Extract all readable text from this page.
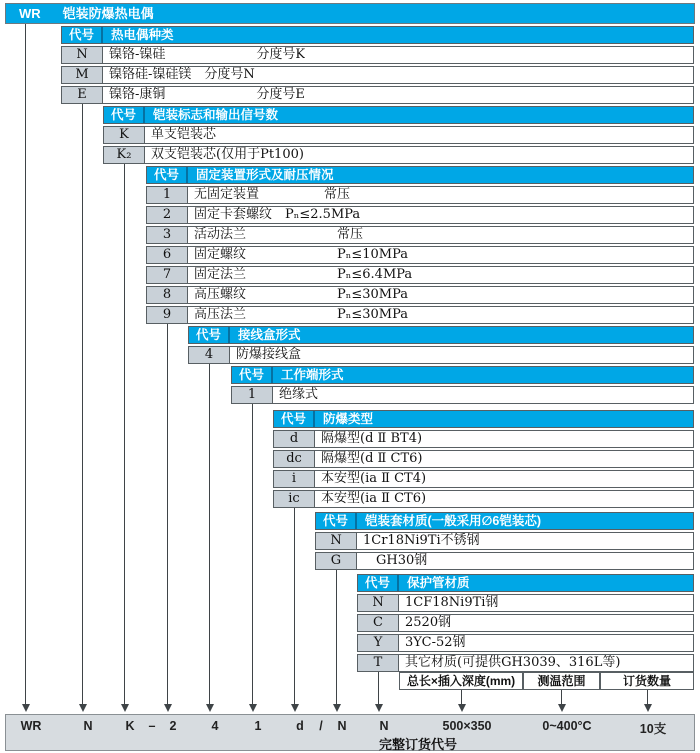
WR 铠装防爆热电偶
代号	热电偶种类
N	镍铬-镍硅　　　　　　　分度号K
M	镍铬硅-镍硅镁　分度号N
E	镍铬-康铜　　　　　　　分度号E
代号	铠装标志和输出信号数
K	单支铠装芯
K₂	双支铠装芯(仅用于Pt100)
代号	固定装置形式及耐压情况
1	无固定装置　　　　　常压
2	固定卡套螺纹　Pₙ≤2.5MPa
3	活动法兰　　　　　　　常压
6	固定螺纹　　　　　　　Pₙ≤10MPa
7	固定法兰　　　　　　　Pₙ≤6.4MPa
8	高压螺纹　　　　　　　Pₙ≤30MPa
9	高压法兰　　　　　　　Pₙ≤30MPa
代号	接线盒形式
4	防爆接线盒
代号	工作端形式
1	绝缘式
代号	防爆类型
d	隔爆型(d Ⅱ BT4)
dc	隔爆型(d Ⅱ CT6)
i	本安型(ia Ⅱ CT4)
ic	本安型(ia Ⅱ CT6)
代号	铠装套材质(一般采用∅6铠装芯)
N	1Cr18Ni9Ti不锈钢
G	　GH30钢
代号	保护管材质
N	1CF18Ni9Ti钢
C	2520钢
Y	3YC-52钢
T	其它材质(可提供GH3039、316L等)
总长×插入深度(mm)	测温范围	订货数量
WR	N	K – 2	4	1	d / N	N	500×350	0~400°C	10支
完整订货代号
